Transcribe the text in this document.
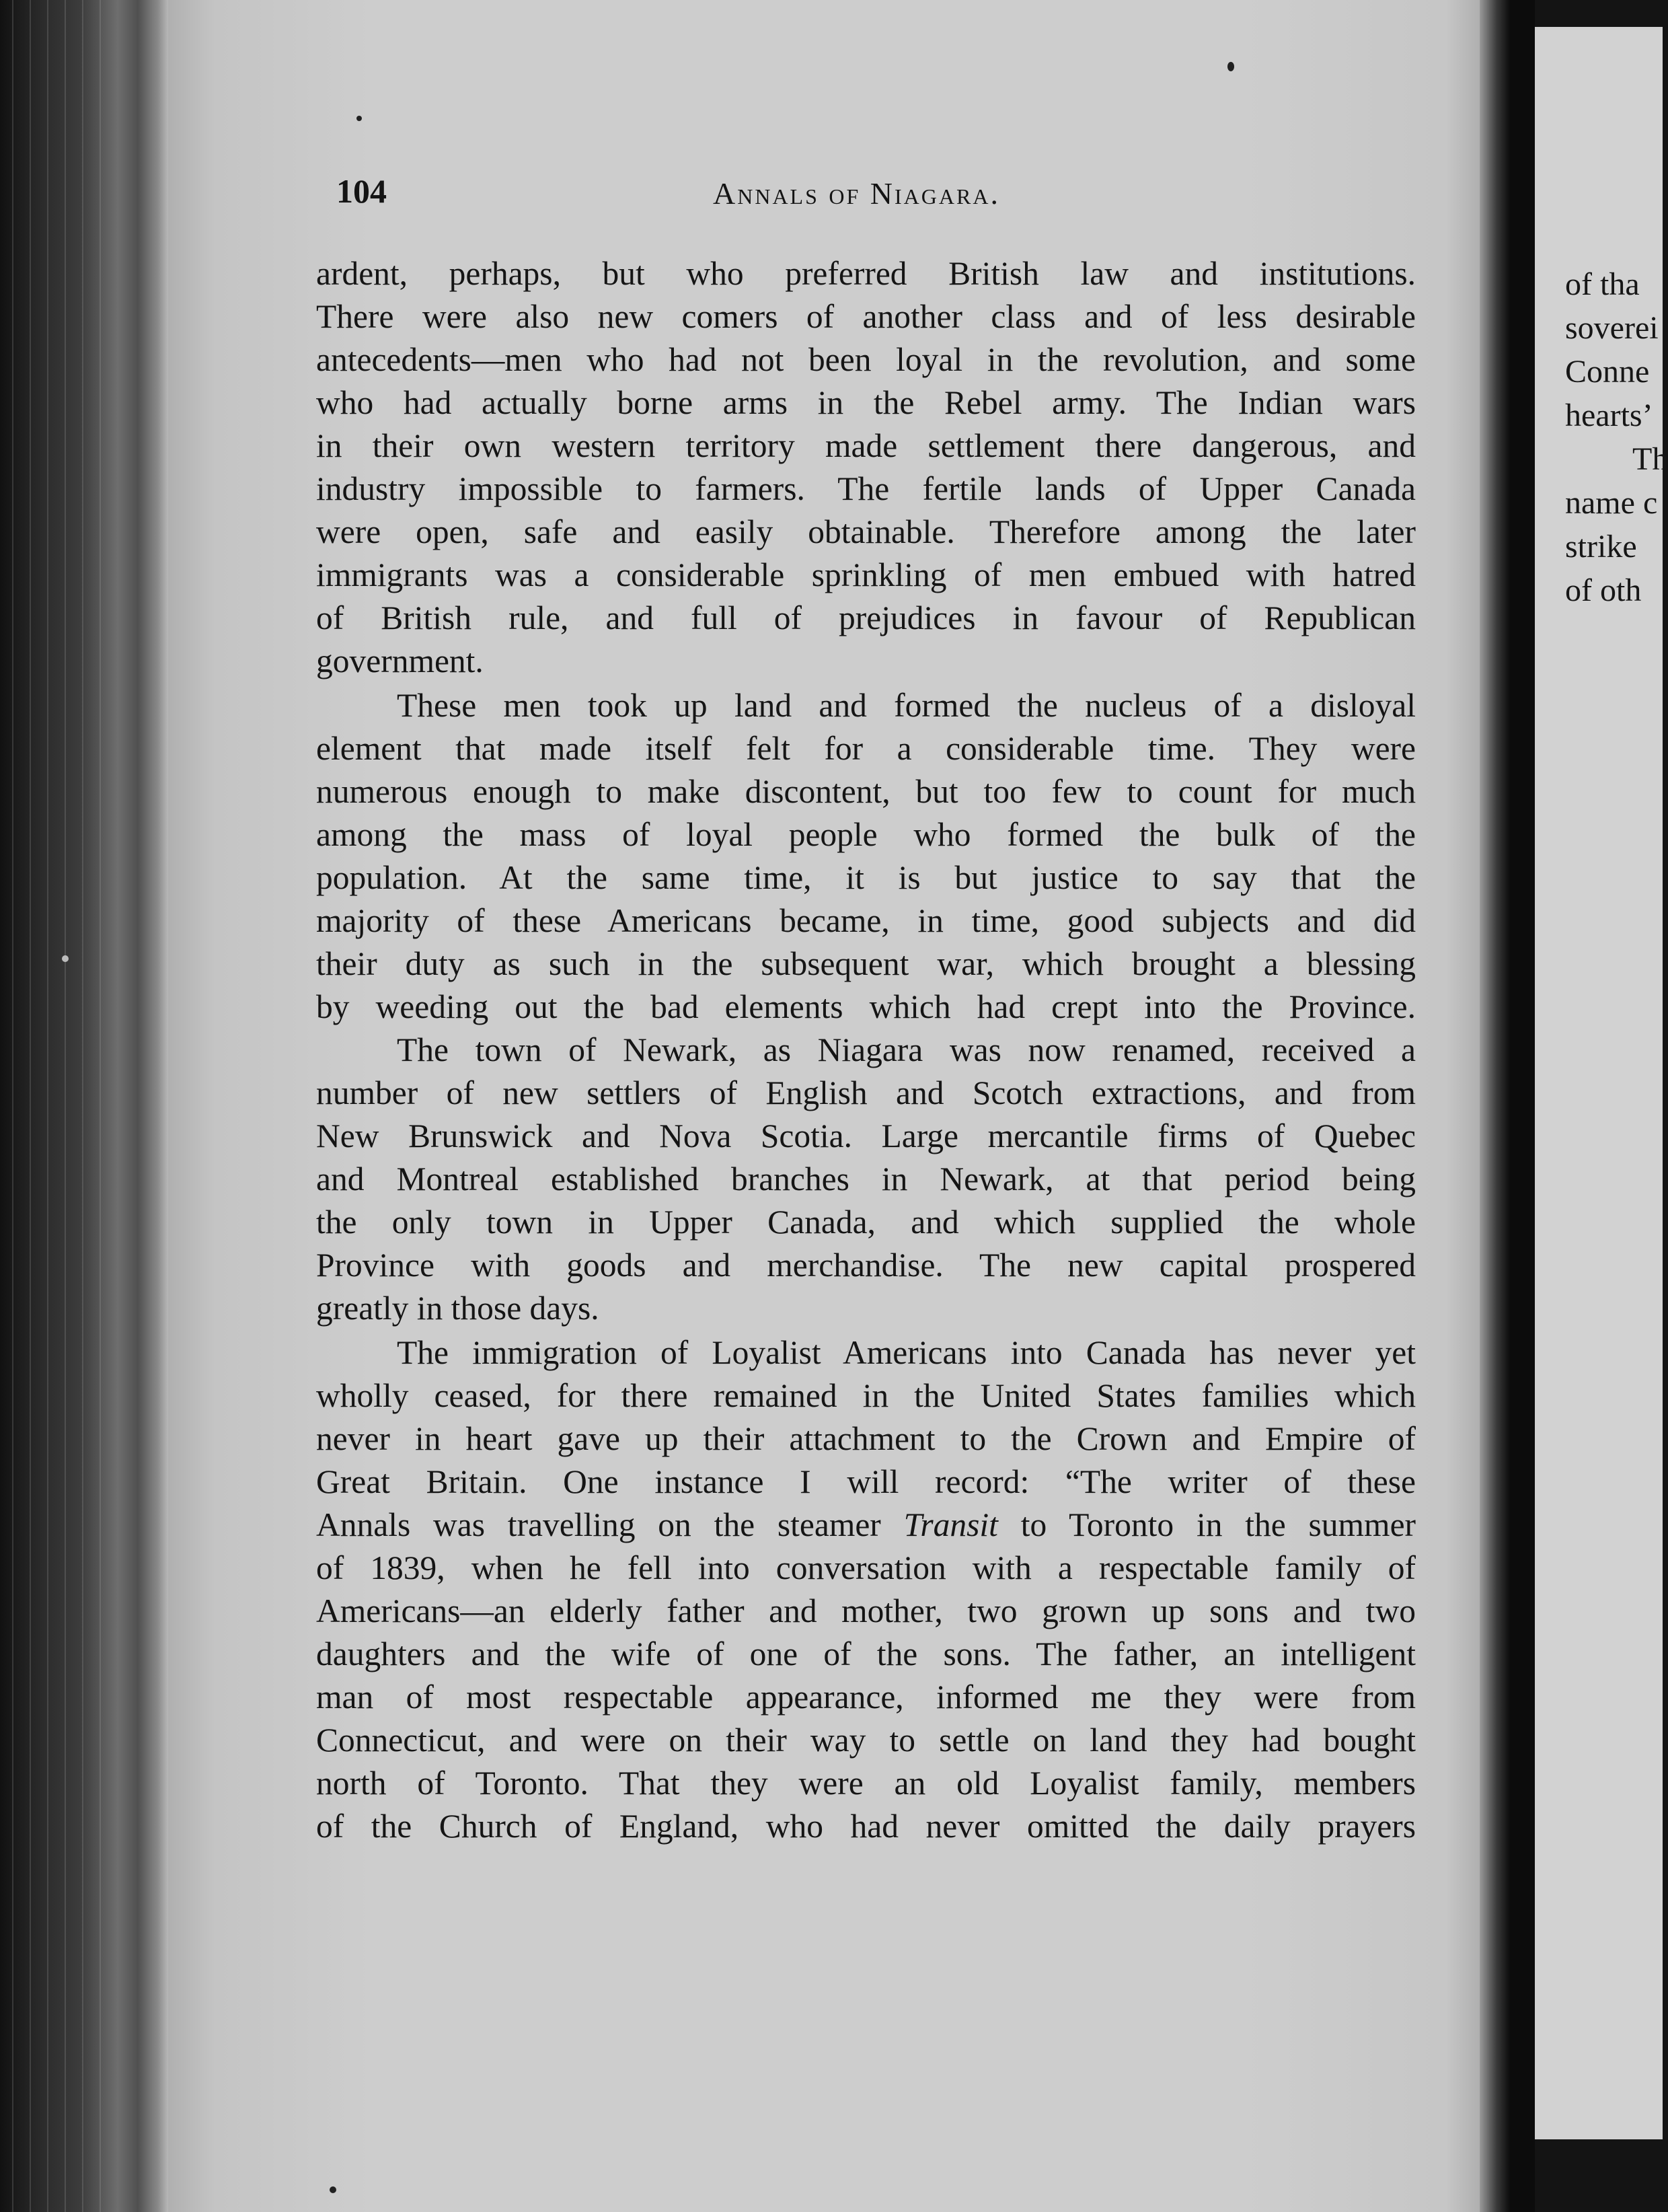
of tha
soverei
Conne
hearts’
Th
name c
strike
of oth
104	Annals of Niagara.
ardent, perhaps, but who preferred British law and institutions.
There were also new comers of another class and of less desirable
antecedents—men who had not been loyal in the revolution, and some
who had actually borne arms in the Rebel army. The Indian wars
in their own western territory made settlement there dangerous, and
industry impossible to farmers. The fertile lands of Upper Canada
were open, safe and easily obtainable. Therefore among the later
immigrants was a considerable sprinkling of men embued with hatred
of British rule, and full of prejudices in favour of Republican
government.
These men took up land and formed the nucleus of a disloyal
element that made itself felt for a considerable time. They were
numerous enough to make discontent, but too few to count for much
among the mass of loyal people who formed the bulk of the
population. At the same time, it is but justice to say that the
majority of these Americans became, in time, good subjects and did
their duty as such in the subsequent war, which brought a blessing
by weeding out the bad elements which had crept into the Province.
The town of Newark, as Niagara was now renamed, received a
number of new settlers of English and Scotch extractions, and from
New Brunswick and Nova Scotia. Large mercantile firms of Quebec
and Montreal established branches in Newark, at that period being
the only town in Upper Canada, and which supplied the whole
Province with goods and merchandise. The new capital prospered
greatly in those days.
The immigration of Loyalist Americans into Canada has never yet
wholly ceased, for there remained in the United States families which
never in heart gave up their attachment to the Crown and Empire of
Great Britain. One instance I will record: “The writer of these
Annals was travelling on the steamer Transit to Toronto in the summer
of 1839, when he fell into conversation with a respectable family of
Americans—an elderly father and mother, two grown up sons and two
daughters and the wife of one of the sons. The father, an intelligent
man of most respectable appearance, informed me they were from
Connecticut, and were on their way to settle on land they had bought
north of Toronto. That they were an old Loyalist family, members
of the Church of England, who had never omitted the daily prayers
